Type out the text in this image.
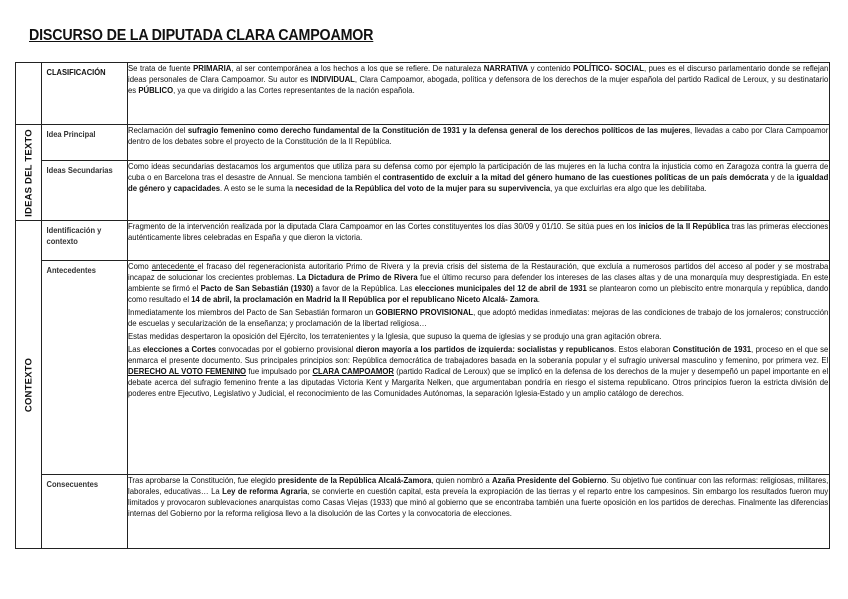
DISCURSO DE LA DIPUTADA CLARA CAMPOAMOR

	CLASIFICACIÓN	Se trata de fuente PRIMARIA, al ser contemporánea a los hechos a los que se refiere. De naturaleza NARRATIVA y contenido POLÍTICO- SOCIAL, pues es el discurso parlamentario donde se reflejan ideas personales de Clara Campoamor. Su autor es INDIVIDUAL, Clara Campoamor, abogada, política y defensora de los derechos de la mujer española del partido Radical de Leroux, y su destinatario es PÚBLICO, ya que va dirigido a las Cortes representantes de la nación española.

IDEAS DEL TEXTO	Idea Principal	Reclamación del sufragio femenino como derecho fundamental de la Constitución de 1931 y la defensa general de los derechos políticos de las mujeres, llevadas a cabo por Clara Campoamor dentro de los debates sobre el proyecto de la Constitución de la II República.

	Ideas Secundarias	Como ideas secundarias destacamos los argumentos que utiliza para su defensa como por ejemplo la participación de las mujeres en la lucha contra la injusticia como en Zaragoza contra la guerra de cuba o en Barcelona tras el desastre de Annual. Se menciona también el contrasentido de excluir a la mitad del género humano de las cuestiones políticas de un país demócrata y de la igualdad de género y capacidades. A esto se le suma la necesidad de la República del voto de la mujer para su supervivencia, ya que excluirlas era algo que les debilitaba.

CONTEXTO	Identificación y contexto	Fragmento de la intervención realizada por la diputada Clara Campoamor en las Cortes constituyentes los días 30/09 y 01/10. Se sitúa pues en los inicios de la II República tras las primeras elecciones auténticamente libres celebradas en España y que dieron la victoria.

	Antecedentes	Como antecedente el fracaso del regeneracionista autoritario Primo de Rivera y la previa crisis del sistema de la Restauración, que excluía a numerosos partidos del acceso al poder y se mostraba incapaz de solucionar los crecientes problemas. La Dictadura de Primo de Rivera fue el último recurso para defender los intereses de las clases altas y de una monarquía muy desprestigiada. En este ambiente se firmó el Pacto de San Sebastián (1930) a favor de la República. Las elecciones municipales del 12 de abril de 1931 se plantearon como un plebiscito entre monarquía y república, dando como resultado el 14 de abril, la proclamación en Madrid la II República por el republicano Niceto Alcalá- Zamora.

Inmediatamente los miembros del Pacto de San Sebastián formaron un GOBIERNO PROVISIONAL, que adoptó medidas inmediatas: mejoras de las condiciones de trabajo de los jornaleros; construcción de escuelas y secularización de la enseñanza; y proclamación de la libertad religiosa…

Estas medidas despertaron la oposición del Ejército, los terratenientes y la Iglesia, que supuso la quema de iglesias y se produjo una gran agitación obrera.

Las elecciones a Cortes convocadas por el gobierno provisional dieron mayoría a los partidos de izquierda: socialistas y republicanos. Estos elaboran Constitución de 1931, proceso en el que se enmarca el presente documento. Sus principales principios son: República democrática de trabajadores basada en la soberanía popular y el sufragio universal masculino y femenino, por primera vez. El DERECHO AL VOTO FEMENINO fue impulsado por CLARA CAMPOAMOR (partido Radical de Leroux) que se implicó en la defensa de los derechos de la mujer y desempeñó un papel importante en el debate acerca del sufragio femenino frente a las diputadas Victoria Kent y Margarita Nelken, que argumentaban pondría en riesgo el sistema republicano. Otros principios fueron la estricta división de poderes entre Ejecutivo, Legislativo y Judicial, el reconocimiento de las Comunidades Autónomas, la separación Iglesia-Estado y un amplio catálogo de derechos.

	Consecuentes	Tras aprobarse la Constitución, fue elegido presidente de la República Alcalá-Zamora, quien nombró a Azaña Presidente del Gobierno. Su objetivo fue continuar con las reformas: religiosas, militares, laborales, educativas… La Ley de reforma Agraria, se convierte en cuestión capital, esta preveía la expropiación de las tierras y el reparto entre los campesinos. Sin embargo los resultados fueron muy limitados y provocaron sublevaciones anarquistas como Casas Viejas (1933) que minó al gobierno que se encontraba también una fuerte oposición en los partidos de derechas. Finalmente las diferencias internas del Gobierno por la reforma religiosa llevo a la disolución de las Cortes y la convocatoria de elecciones.
